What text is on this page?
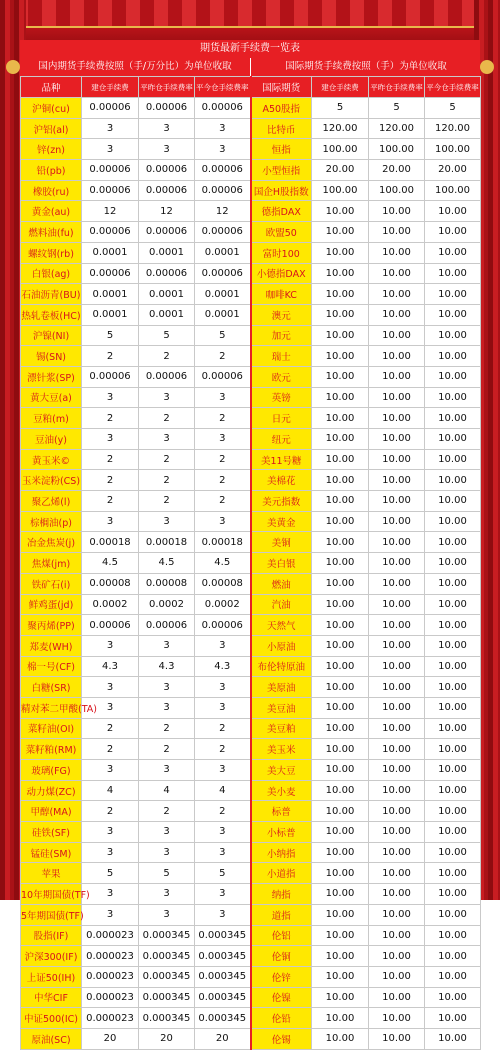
期货最新手续费一览表
国内期货手续费按照（手/万分比）为单位收取	国际期货手续费按照（手）为单位收取
品种	建仓手续费	平昨仓手续费率	平今仓手续费率	国际期货	建仓手续费	平昨仓手续费率	平今仓手续费率
沪铜(cu)	0.00006	0.00006	0.00006	A50股指	5	5	5
沪铝(al)	3	3	3	比特币	120.00	120.00	120.00
锌(zn)	3	3	3	恒指	100.00	100.00	100.00
铅(pb)	0.00006	0.00006	0.00006	小型恒指	20.00	20.00	20.00
橡胶(ru)	0.00006	0.00006	0.00006	国企H股指数	100.00	100.00	100.00
黄金(au)	12	12	12	德指DAX	10.00	10.00	10.00
燃料油(fu)	0.00006	0.00006	0.00006	欧盟50	10.00	10.00	10.00
螺纹钢(rb)	0.0001	0.0001	0.0001	富时100	10.00	10.00	10.00
白银(ag)	0.00006	0.00006	0.00006	小德指DAX	10.00	10.00	10.00
石油沥青(BU)	0.0001	0.0001	0.0001	咖啡KC	10.00	10.00	10.00
热轧卷板(HC)	0.0001	0.0001	0.0001	澳元	10.00	10.00	10.00
沪镍(NI)	5	5	5	加元	10.00	10.00	10.00
锡(SN)	2	2	2	瑞士	10.00	10.00	10.00
漂针浆(SP)	0.00006	0.00006	0.00006	欧元	10.00	10.00	10.00
黄大豆(a)	3	3	3	英镑	10.00	10.00	10.00
豆粕(m)	2	2	2	日元	10.00	10.00	10.00
豆油(y)	3	3	3	纽元	10.00	10.00	10.00
黄玉米©	2	2	2	美11号糖	10.00	10.00	10.00
玉米淀粉(CS)	2	2	2	美棉花	10.00	10.00	10.00
聚乙烯(l)	2	2	2	美元指数	10.00	10.00	10.00
棕榈油(p)	3	3	3	美黄金	10.00	10.00	10.00
冶金焦炭(j)	0.00018	0.00018	0.00018	美铜	10.00	10.00	10.00
焦煤(jm)	4.5	4.5	4.5	美白银	10.00	10.00	10.00
铁矿石(i)	0.00008	0.00008	0.00008	燃油	10.00	10.00	10.00
鲜鸡蛋(jd)	0.0002	0.0002	0.0002	汽油	10.00	10.00	10.00
聚丙烯(PP)	0.00006	0.00006	0.00006	天然气	10.00	10.00	10.00
郑麦(WH)	3	3	3	小原油	10.00	10.00	10.00
棉一号(CF)	4.3	4.3	4.3	布伦特原油	10.00	10.00	10.00
白糖(SR)	3	3	3	美原油	10.00	10.00	10.00
精对苯二甲酸(TA)	3	3	3	美豆油	10.00	10.00	10.00
菜籽油(OI)	2	2	2	美豆粕	10.00	10.00	10.00
菜籽粕(RM)	2	2	2	美玉米	10.00	10.00	10.00
玻璃(FG)	3	3	3	美大豆	10.00	10.00	10.00
动力煤(ZC)	4	4	4	美小麦	10.00	10.00	10.00
甲醇(MA)	2	2	2	标普	10.00	10.00	10.00
硅铁(SF)	3	3	3	小标普	10.00	10.00	10.00
锰硅(SM)	3	3	3	小纳指	10.00	10.00	10.00
苹果	5	5	5	小道指	10.00	10.00	10.00
10年期国债(TF)	3	3	3	纳指	10.00	10.00	10.00
5年期国债(TF)	3	3	3	道指	10.00	10.00	10.00
股指(IF)	0.000023	0.000345	0.000345	伦铝	10.00	10.00	10.00
沪深300(IF)	0.000023	0.000345	0.000345	伦铜	10.00	10.00	10.00
上证50(IH)	0.000023	0.000345	0.000345	伦锌	10.00	10.00	10.00
中华CIF	0.000023	0.000345	0.000345	伦镍	10.00	10.00	10.00
中证500(IC)	0.000023	0.000345	0.000345	伦铅	10.00	10.00	10.00
原油(SC)	20	20	20	伦锡	10.00	10.00	10.00
